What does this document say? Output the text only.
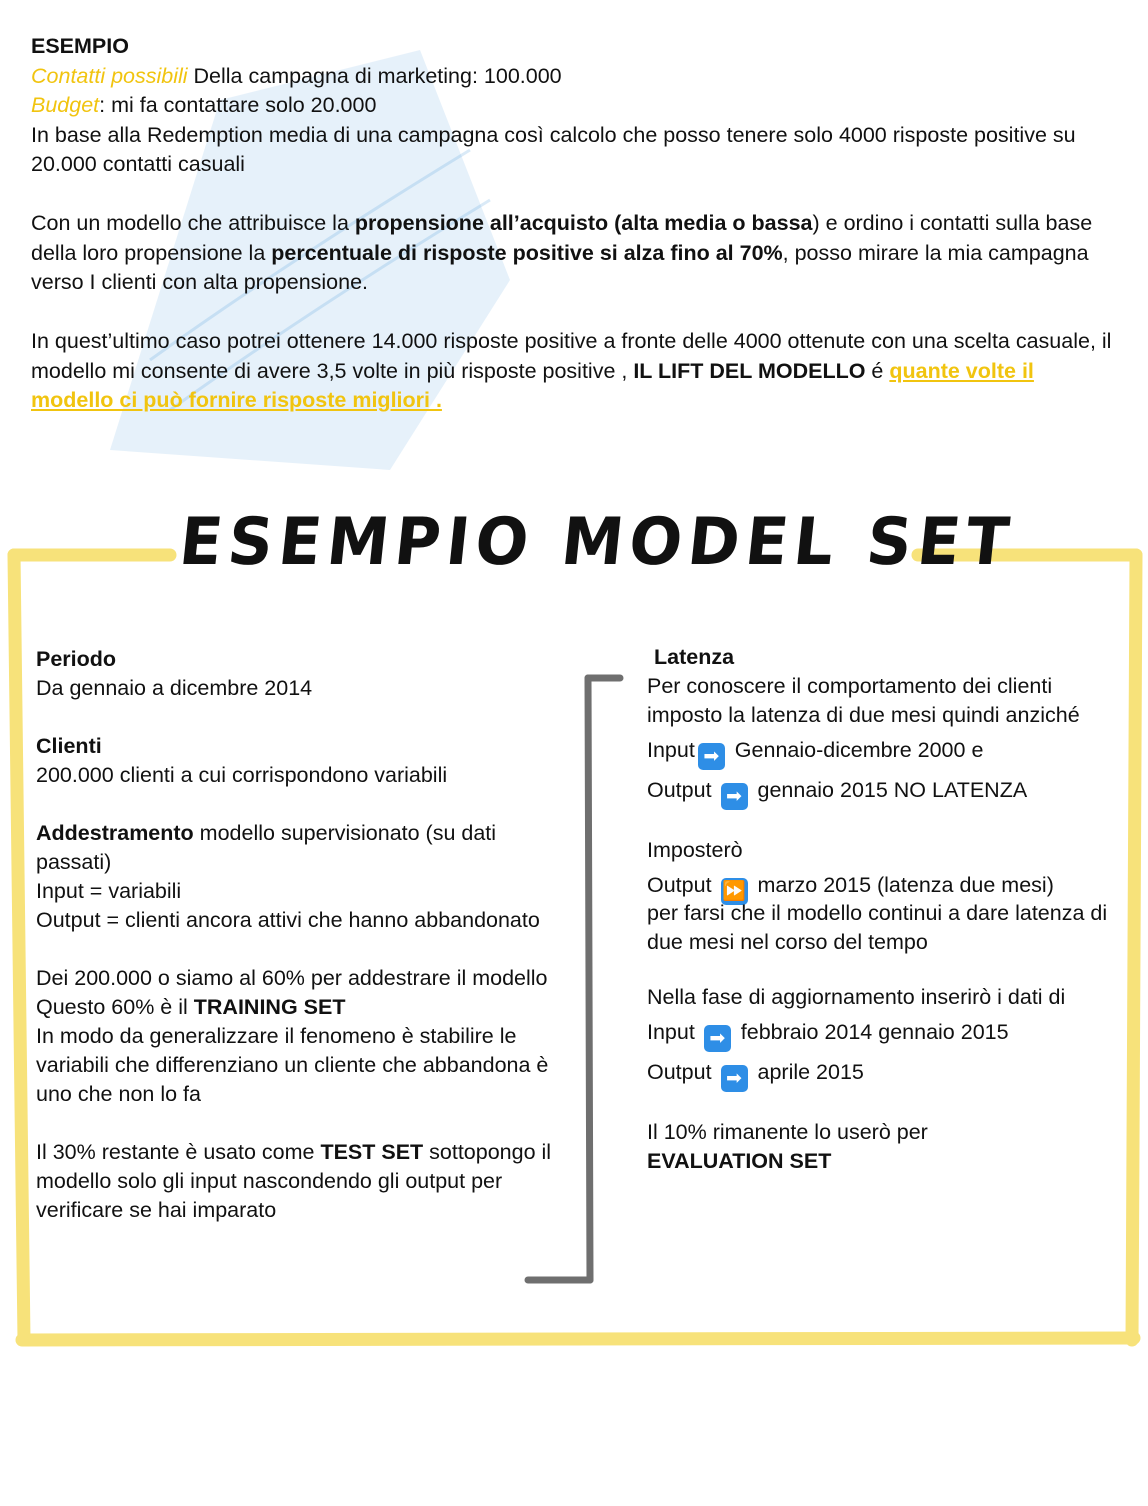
ESEMPIO
Contatti possibili Della campagna di marketing: 100.000
Budget: mi fa contattare solo 20.000

In base alla Redemption media di una campagna così calcolo che posso tenere solo 4000 risposte positive su 20.000 contatti casuali

Con un modello che attribuisce la propensione all’acquisto (alta media o bassa) e ordino i contatti sulla base della loro propensione la percentuale di risposte positive si alza fino al 70%, posso mirare la mia campagna verso I clienti con alta propensione.

In quest’ultimo caso potrei ottenere 14.000 risposte positive a fronte delle 4000 ottenute con una scelta casuale, il modello mi consente di avere 3,5 volte in più risposte positive , IL LIFT DEL MODELLO é quante volte il modello ci può fornire risposte migliori .

ESEMPIO MODEL SET

Periodo
Da gennaio a dicembre 2014

Clienti
200.000 clienti a cui corrispondono variabili

Addestramento modello supervisionato (su dati passati)
Input = variabili
Output = clienti ancora attivi che hanno abbandonato

Dei 200.000 o siamo al 60% per addestrare il modello
Questo 60% è il TRAINING SET
In modo da generalizzare il fenomeno è stabilire le variabili che differenziano un cliente che abbandona è uno che non lo fa

Il 30% restante è usato come TEST SET sottopongo il modello solo gli input nascondendo gli output per verificare se hai imparato

Latenza
Per conoscere il comportamento dei clienti imposto la latenza di due mesi quindi anziché
Input ➡ Gennaio-dicembre 2000 e
Output ➡ gennaio 2015 NO LATENZA
Imposterò
Output ⏩ marzo 2015 (latenza due mesi)
per farsi che il modello continui a dare latenza di due mesi nel corso del tempo
Nella fase di aggiornamento inserirò i dati di
Input ➡ febbraio 2014 gennaio 2015
Output ➡ aprile 2015
Il 10% rimanente lo userò per
EVALUATION SET
